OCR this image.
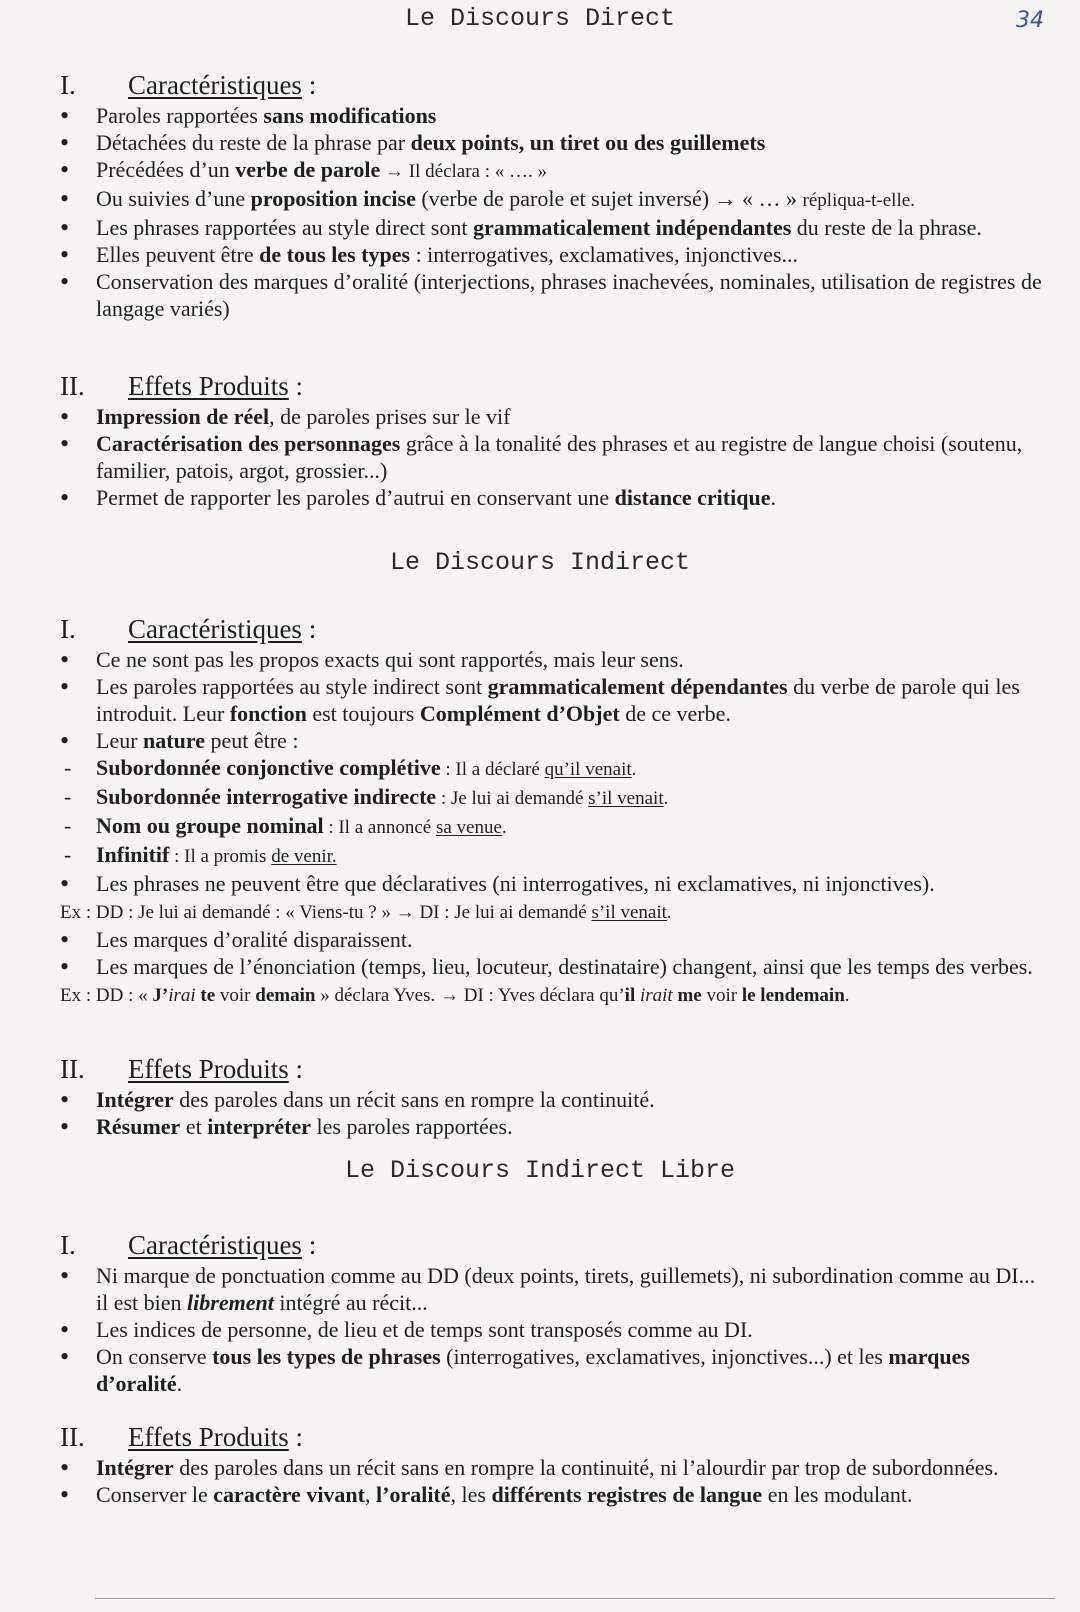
34
Le Discours Direct
I. Caractéristiques :
•
Paroles rapportées sans modifications
•
Détachées du reste de la phrase par deux points, un tiret ou des guillemets
•
Précédées d’un verbe de parole → Il déclara : « …. »
•
Ou suivies d’une proposition incise (verbe de parole et sujet inversé) → « … » répliqua-t-elle.
•
Les phrases rapportées au style direct sont grammaticalement indépendantes du reste de la phrase.
•
Elles peuvent être de tous les types : interrogatives, exclamatives, injonctives...
•
Conservation des marques d’oralité (interjections, phrases inachevées, nominales, utilisation de registres de langage variés)
II. Effets Produits :
•
Impression de réel, de paroles prises sur le vif
•
Caractérisation des personnages grâce à la tonalité des phrases et au registre de langue choisi (soutenu, familier, patois, argot, grossier...)
•
Permet de rapporter les paroles d’autrui en conservant une distance critique.
Le Discours Indirect
I. Caractéristiques :
•
Ce ne sont pas les propos exacts qui sont rapportés, mais leur sens.
•
Les paroles rapportées au style indirect sont grammaticalement dépendantes du verbe de parole qui les introduit. Leur fonction est toujours Complément d’Objet de ce verbe.
•
Leur nature peut être :
-
Subordonnée conjonctive complétive : Il a déclaré qu’il venait.
-
Subordonnée interrogative indirecte : Je lui ai demandé s’il venait.
-
Nom ou groupe nominal : Il a annoncé sa venue.
-
Infinitif : Il a promis de venir.
•
Les phrases ne peuvent être que déclaratives (ni interrogatives, ni exclamatives, ni injonctives).
Ex : DD : Je lui ai demandé : « Viens-tu ? » → DI : Je lui ai demandé s’il venait.
•
Les marques d’oralité disparaissent.
•
Les marques de l’énonciation (temps, lieu, locuteur, destinataire) changent, ainsi que les temps des verbes.
Ex : DD : « J’irai te voir demain » déclara Yves. → DI : Yves déclara qu’il irait me voir le lendemain.
II. Effets Produits :
•
Intégrer des paroles dans un récit sans en rompre la continuité.
•
Résumer et interpréter les paroles rapportées.
Le Discours Indirect Libre
I. Caractéristiques :
•
Ni marque de ponctuation comme au DD (deux points, tirets, guillemets), ni subordination comme au DI... il est bien librement intégré au récit...
•
Les indices de personne, de lieu et de temps sont transposés comme au DI.
•
On conserve tous les types de phrases (interrogatives, exclamatives, injonctives...) et les marques d’oralité.
II. Effets Produits :
•
Intégrer des paroles dans un récit sans en rompre la continuité, ni l’alourdir par trop de subordonnées.
•
Conserver le caractère vivant, l’oralité, les différents registres de langue en les modulant.
